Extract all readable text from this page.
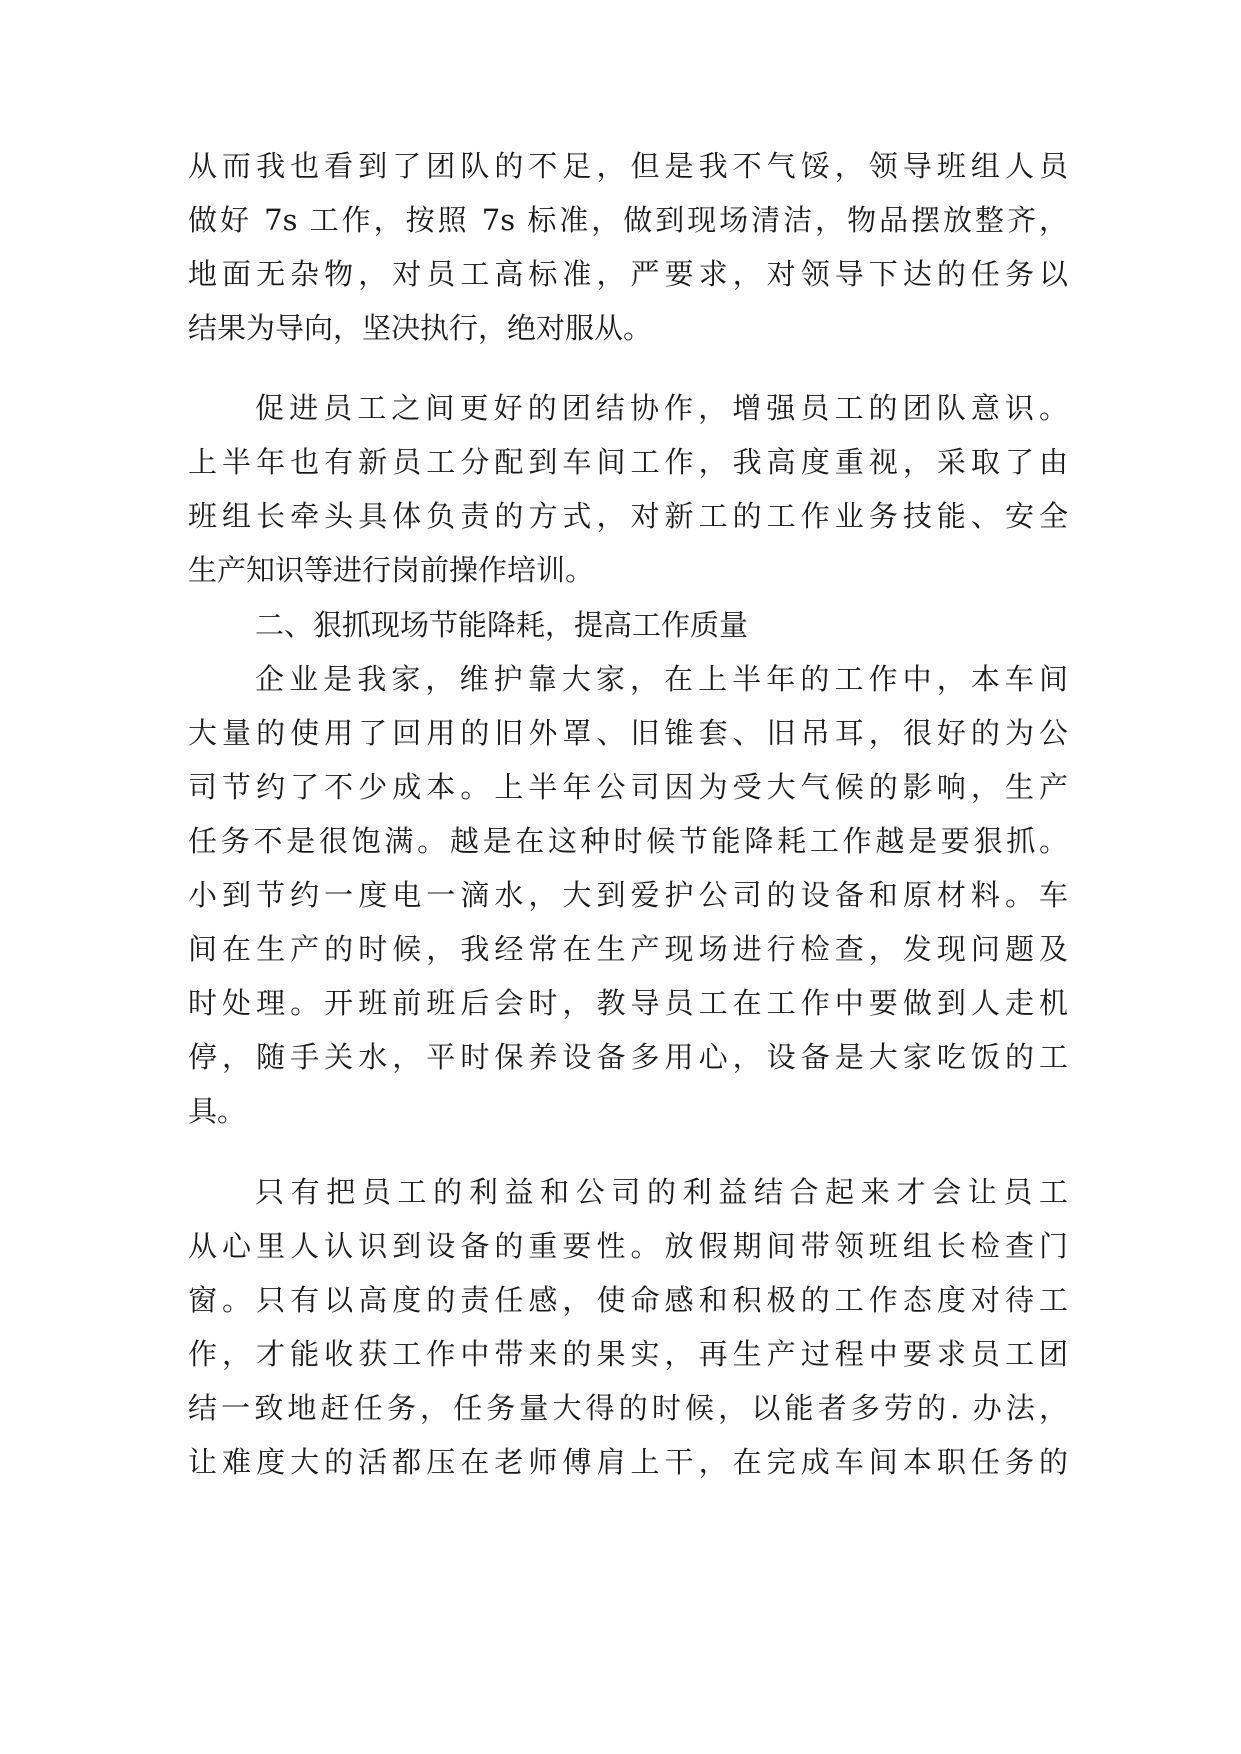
从而我也看到了团队的不足，但是我不气馁，领导班组人员
做好 7s 工作，按照 7s 标准，做到现场清洁，物品摆放整齐，
地面无杂物，对员工高标准，严要求，对领导下达的任务以
结果为导向，坚决执行，绝对服从。
促进员工之间更好的团结协作，增强员工的团队意识。
上半年也有新员工分配到车间工作，我高度重视，采取了由
班组长牵头具体负责的方式，对新工的工作业务技能、安全
生产知识等进行岗前操作培训。
二、狠抓现场节能降耗，提高工作质量
企业是我家，维护靠大家，在上半年的工作中，本车间
大量的使用了回用的旧外罩、旧锥套、旧吊耳，很好的为公
司节约了不少成本。上半年公司因为受大气候的影响，生产
任务不是很饱满。越是在这种时候节能降耗工作越是要狠抓。
小到节约一度电一滴水，大到爱护公司的设备和原材料。车
间在生产的时候，我经常在生产现场进行检查，发现问题及
时处理。开班前班后会时，教导员工在工作中要做到人走机
停，随手关水，平时保养设备多用心，设备是大家吃饭的工
具。
只有把员工的利益和公司的利益结合起来才会让员工
从心里人认识到设备的重要性。放假期间带领班组长检查门
窗。只有以高度的责任感，使命感和积极的工作态度对待工
作，才能收获工作中带来的果实，再生产过程中要求员工团
结一致地赶任务，任务量大得的时候，以能者多劳的. 办法，
让难度大的活都压在老师傅肩上干，在完成车间本职任务的
